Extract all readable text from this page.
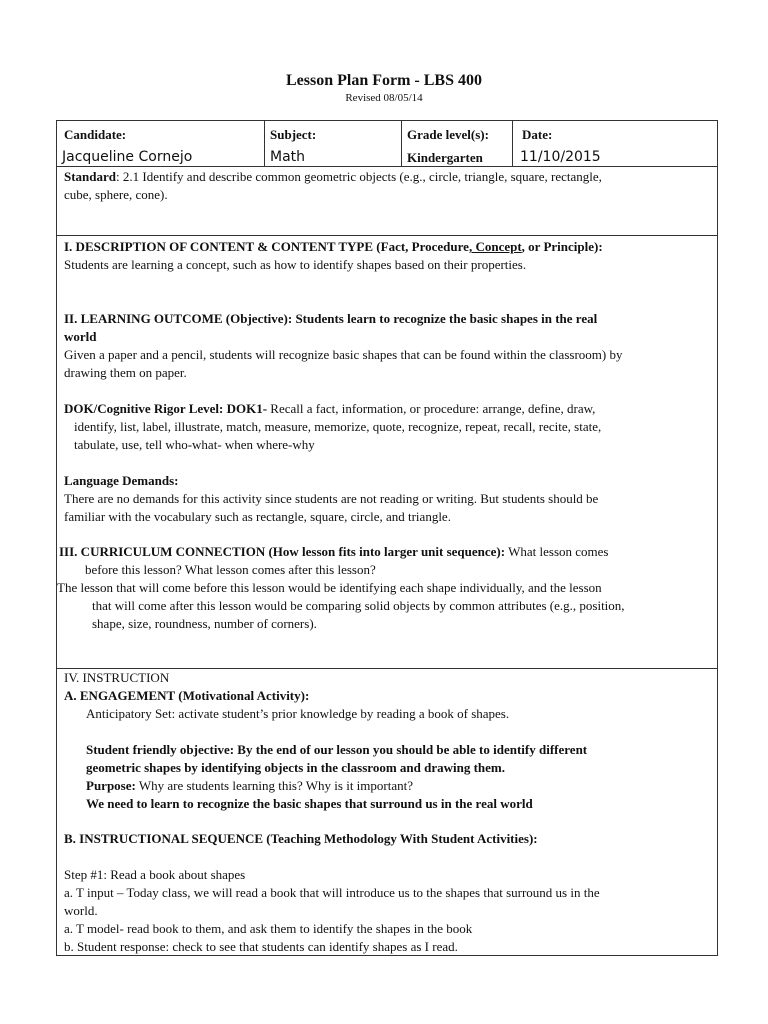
Lesson Plan Form - LBS 400
Revised 08/05/14
Candidate:
Jacqueline Cornejo
Subject:
Math
Grade level(s):
Kindergarten
Date:
11/10/2015
Standard: 2.1 Identify and describe common geometric objects (e.g., circle, triangle, square, rectangle,
cube, sphere, cone).
I. DESCRIPTION OF CONTENT & CONTENT TYPE (Fact, Procedure, Concept, or Principle):
Students are learning a concept, such as how to identify shapes based on their properties.
II. LEARNING OUTCOME (Objective): Students learn to recognize the basic shapes in the real
world
Given a paper and a pencil, students will recognize basic shapes that can be found within the classroom) by
drawing them on paper.
DOK/Cognitive Rigor Level: DOK1- Recall a fact, information, or procedure: arrange, define, draw,
identify, list, label, illustrate, match, measure, memorize, quote, recognize, repeat, recall, recite, state,
tabulate, use, tell who-what- when where-why
Language Demands:
There are no demands for this activity since students are not reading or writing. But students should be
familiar with the vocabulary such as rectangle, square, circle, and triangle.
III. CURRICULUM CONNECTION (How lesson fits into larger unit sequence): What lesson comes
before this lesson? What lesson comes after this lesson?
The lesson that will come before this lesson would be identifying each shape individually, and the lesson
that will come after this lesson would be comparing solid objects by common attributes (e.g., position,
shape, size, roundness, number of corners).
IV. INSTRUCTION
A. ENGAGEMENT (Motivational Activity):
Anticipatory Set: activate student’s prior knowledge by reading a book of shapes.
Student friendly objective: By the end of our lesson you should be able to identify different
geometric shapes by identifying objects in the classroom and drawing them.
Purpose: Why are students learning this? Why is it important?
We need to learn to recognize the basic shapes that surround us in the real world
B. INSTRUCTIONAL SEQUENCE (Teaching Methodology With Student Activities):
Step #1: Read a book about shapes
a. T input – Today class, we will read a book that will introduce us to the shapes that surround us in the
world.
a. T model- read book to them, and ask them to identify the shapes in the book
b. Student response: check to see that students can identify shapes as I read.
